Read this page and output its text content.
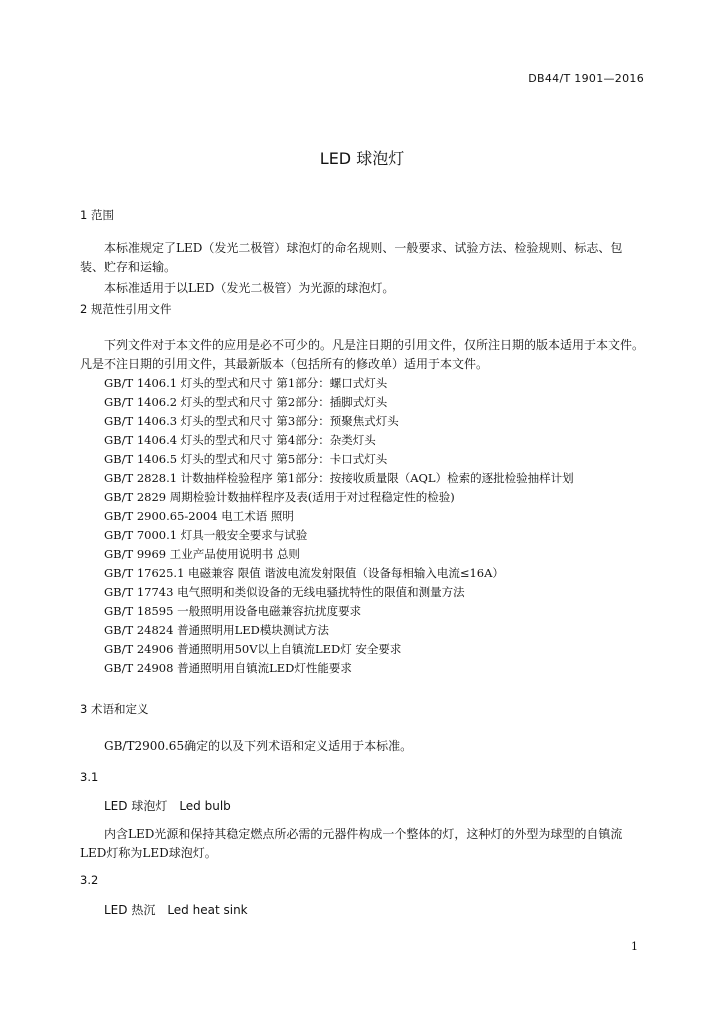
DB44/T 1901—2016
LED 球泡灯
1 范围
本标准规定了LED（发光二极管）球泡灯的命名规则、一般要求、试验方法、检验规则、标志、包装、贮存和运输。
本标准适用于以LED（发光二极管）为光源的球泡灯。
2 规范性引用文件
下列文件对于本文件的应用是必不可少的。凡是注日期的引用文件，仅所注日期的版本适用于本文件。凡是不注日期的引用文件，其最新版本（包括所有的修改单）适用于本文件。
GB/T 1406.1 灯头的型式和尺寸 第1部分：螺口式灯头
GB/T 1406.2 灯头的型式和尺寸 第2部分：插脚式灯头
GB/T 1406.3 灯头的型式和尺寸 第3部分：预聚焦式灯头
GB/T 1406.4 灯头的型式和尺寸 第4部分：杂类灯头
GB/T 1406.5 灯头的型式和尺寸 第5部分：卡口式灯头
GB/T 2828.1 计数抽样检验程序 第1部分：按接收质量限（AQL）检索的逐批检验抽样计划
GB/T 2829 周期检验计数抽样程序及表(适用于对过程稳定性的检验)
GB/T 2900.65-2004 电工术语 照明
GB/T 7000.1 灯具一般安全要求与试验
GB/T 9969 工业产品使用说明书 总则
GB/T 17625.1 电磁兼容 限值 谐波电流发射限值（设备每相输入电流≤16A）
GB/T 17743 电气照明和类似设备的无线电骚扰特性的限值和测量方法
GB/T 18595 一般照明用设备电磁兼容抗扰度要求
GB/T 24824 普通照明用LED模块测试方法
GB/T 24906 普通照明用50V以上自镇流LED灯 安全要求
GB/T 24908 普通照明用自镇流LED灯性能要求
3 术语和定义
GB/T2900.65确定的以及下列术语和定义适用于本标准。
3.1
LED 球泡灯 Led bulb
内含LED光源和保持其稳定燃点所必需的元器件构成一个整体的灯，这种灯的外型为球型的自镇流LED灯称为LED球泡灯。
3.2
LED 热沉 Led heat sink
1
